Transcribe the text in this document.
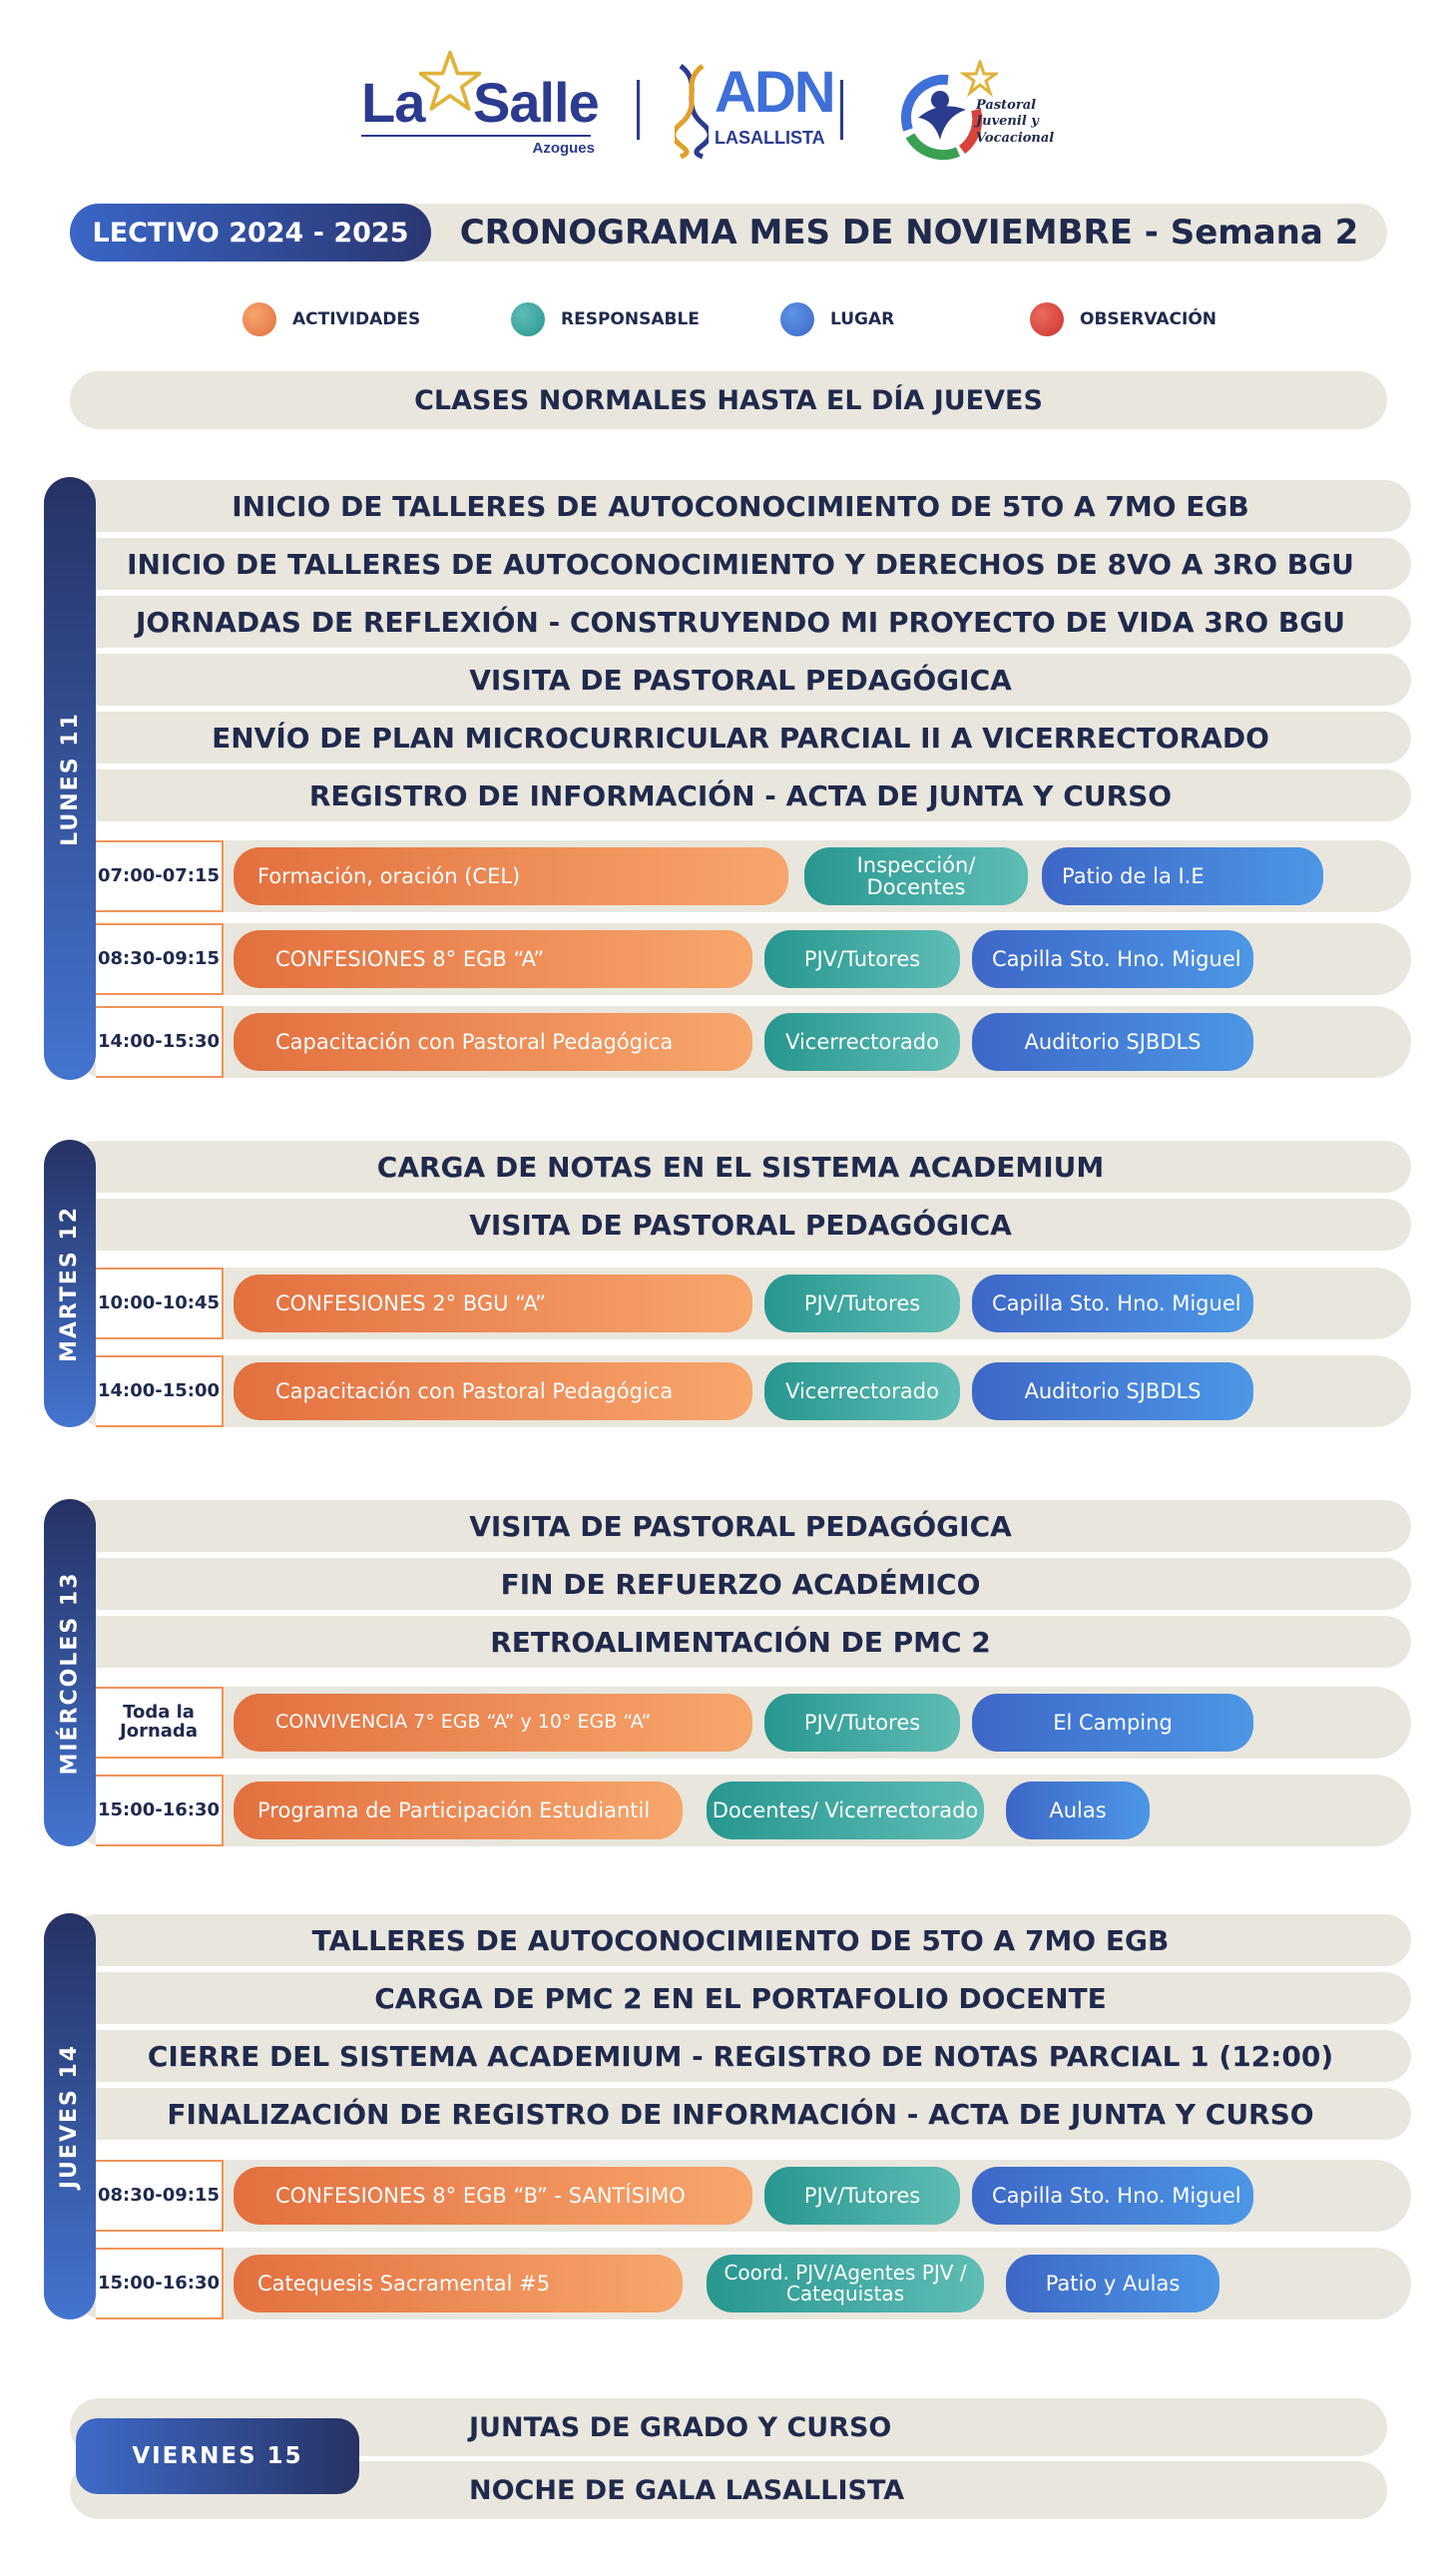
La Salle
Azogues
ADN
LASALLISTA
Pastoral
Juvenil y Vocacional
LECTIVO 2024 - 2025	CRONOGRAMA MES DE NOVIEMBRE - Semana 2
ACTIVIDADES	RESPONSABLE	LUGAR	OBSERVACIÓN
CLASES NORMALES HASTA EL DÍA JUEVES
INICIO DE TALLERES DE AUTOCONOCIMIENTO DE 5TO A 7MO EGB
INICIO DE TALLERES DE AUTOCONOCIMIENTO Y DERECHOS DE 8VO A 3RO BGU
JORNADAS DE REFLEXIÓN - CONSTRUYENDO MI PROYECTO DE VIDA 3RO BGU
VISITA DE PASTORAL PEDAGÓGICA
ENVÍO DE PLAN MICROCURRICULAR PARCIAL II A VICERRECTORADO
REGISTRO DE INFORMACIÓN - ACTA DE JUNTA Y CURSO
07:00-07:15	Formación, oración (CEL)	Inspección/ Docentes	Patio de la I.E
08:30-09:15	CONFESIONES 8° EGB “A”	PJV/Tutores	Capilla Sto. Hno. Miguel
14:00-15:30	Capacitación con Pastoral Pedagógica	Vicerrectorado	Auditorio SJBDLS
LUNES 11
CARGA DE NOTAS EN EL SISTEMA ACADEMIUM
VISITA DE PASTORAL PEDAGÓGICA
10:00-10:45	CONFESIONES 2° BGU “A”	PJV/Tutores	Capilla Sto. Hno. Miguel
14:00-15:00	Capacitación con Pastoral Pedagógica	Vicerrectorado	Auditorio SJBDLS
MARTES 12
VISITA DE PASTORAL PEDAGÓGICA
FIN DE REFUERZO ACADÉMICO
RETROALIMENTACIÓN DE PMC 2
Toda la Jornada	CONVIVENCIA 7° EGB “A” y 10° EGB “A”	PJV/Tutores	El Camping
15:00-16:30	Programa de Participación Estudiantil	Docentes/ Vicerrectorado	Aulas
MIÉRCOLES 13
TALLERES DE AUTOCONOCIMIENTO DE 5TO A 7MO EGB
CARGA DE PMC 2 EN EL PORTAFOLIO DOCENTE
CIERRE DEL SISTEMA ACADEMIUM - REGISTRO DE NOTAS PARCIAL 1 (12:00)
FINALIZACIÓN DE REGISTRO DE INFORMACIÓN - ACTA DE JUNTA Y CURSO
08:30-09:15	CONFESIONES 8° EGB “B” - SANTÍSIMO	PJV/Tutores	Capilla Sto. Hno. Miguel
15:00-16:30	Catequesis Sacramental #5	Coord. PJV/Agentes PJV / Catequistas	Patio y Aulas
JUEVES 14
JUNTAS DE GRADO Y CURSO
NOCHE DE GALA LASALLISTA
VIERNES 15
